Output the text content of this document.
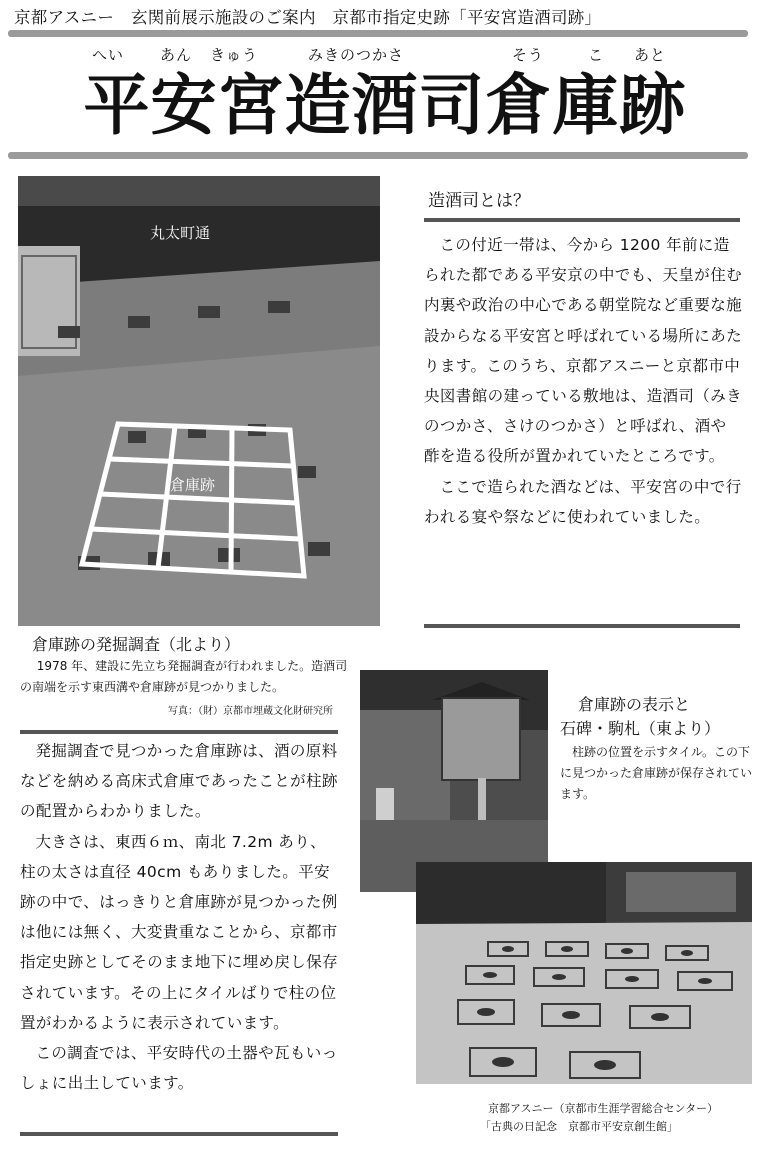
京都アスニー　玄関前展示施設のご案内　京都市指定史跡「平安宮造酒司跡」
へい あん きゅう	みきのつかさ	そう	こ あと
平安宮造酒司倉庫跡
丸太町通
倉庫跡
倉庫跡の発掘調査（北より）
1978 年、建設に先立ち発掘調査が行われました。造酒司の南端を示す東西溝や倉庫跡が見つかりました。
写真：（財）京都市埋蔵文化財研究所
造酒司とは？

この付近一帯は、今から 1200 年前に造られた都である平安京の中でも、天皇が住む内裏や政治の中心である朝堂院など重要な施設からなる平安宮と呼ばれている場所にあたります。このうち、京都アスニーと京都市中央図書館の建っている敷地は、造酒司（みきのつかさ、さけのつかさ）と呼ばれ、酒や酢を造る役所が置かれていたところです。

ここで造られた酒などは、平安宮の中で行われる宴や祭などに使われていました。

倉庫跡の表示と
石碑・駒札（東より）
柱跡の位置を示すタイル。この下に見つかった倉庫跡が保存されています。

発掘調査で見つかった倉庫跡は、酒の原料などを納める高床式倉庫であったことが柱跡の配置からわかりました。

大きさは、東西６ｍ、南北 7.2m あり、柱の太さは直径 40cm もありました。平安跡の中で、はっきりと倉庫跡が見つかった例は他には無く、大変貴重なことから、京都市指定史跡としてそのまま地下に埋め戻し保存されています。その上にタイルばりで柱の位置がわかるように表示されています。

この調査では、平安時代の土器や瓦もいっしょに出土しています。

京都アスニー（京都市生涯学習総合センター）
「古典の日記念　京都市平安京創生館」
